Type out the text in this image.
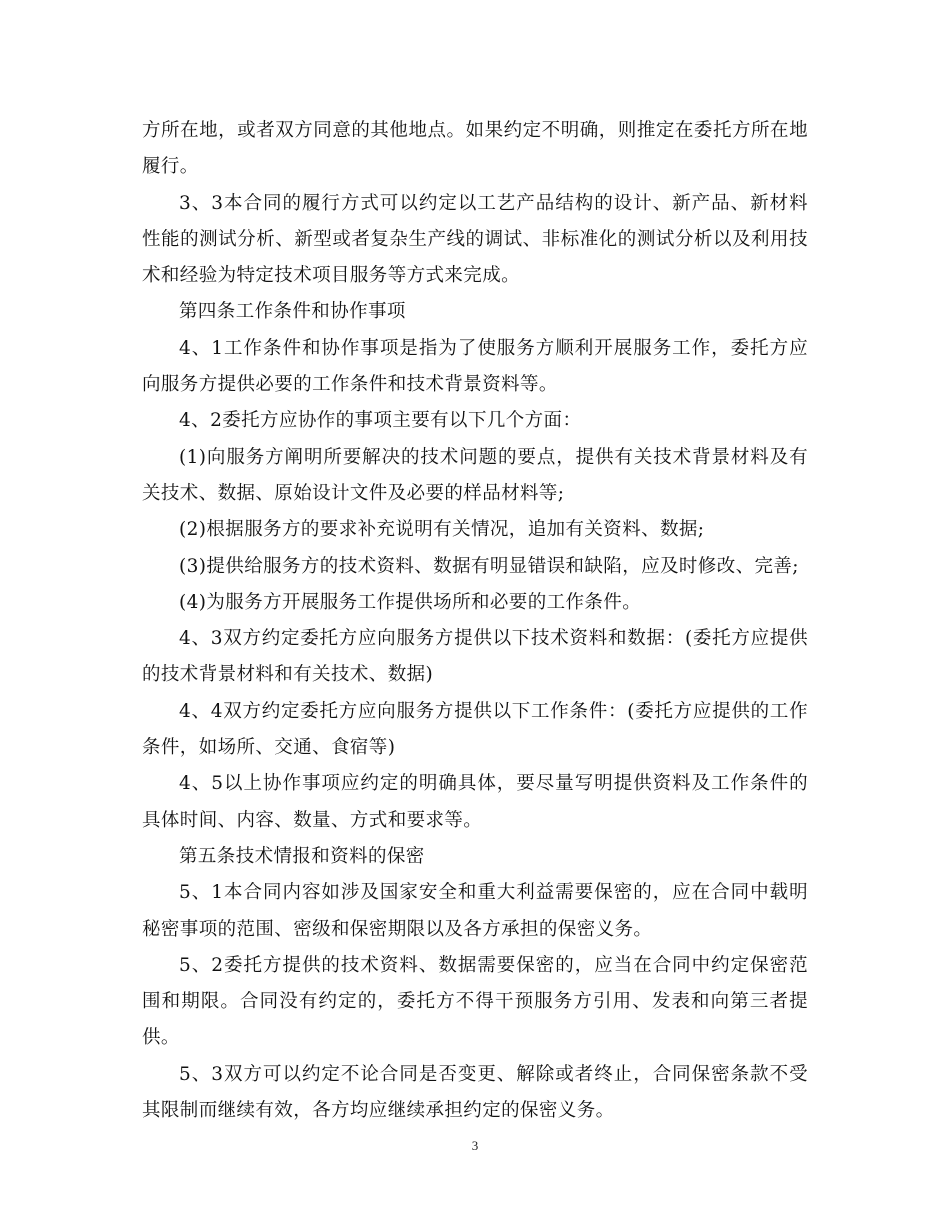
方所在地，或者双方同意的其他地点。如果约定不明确，则推定在委托方所在地履行。

3、3本合同的履行方式可以约定以工艺产品结构的设计、新产品、新材料性能的测试分析、新型或者复杂生产线的调试、非标准化的测试分析以及利用技术和经验为特定技术项目服务等方式来完成。

第四条工作条件和协作事项

4、1工作条件和协作事项是指为了使服务方顺利开展服务工作，委托方应向服务方提供必要的工作条件和技术背景资料等。

4、2委托方应协作的事项主要有以下几个方面：

(1)向服务方阐明所要解决的技术问题的要点，提供有关技术背景材料及有关技术、数据、原始设计文件及必要的样品材料等;

(2)根据服务方的要求补充说明有关情况，追加有关资料、数据;

(3)提供给服务方的技术资料、数据有明显错误和缺陷，应及时修改、完善;

(4)为服务方开展服务工作提供场所和必要的工作条件。

4、3双方约定委托方应向服务方提供以下技术资料和数据：(委托方应提供的技术背景材料和有关技术、数据)

4、4双方约定委托方应向服务方提供以下工作条件：(委托方应提供的工作条件，如场所、交通、食宿等)

4、5以上协作事项应约定的明确具体，要尽量写明提供资料及工作条件的具体时间、内容、数量、方式和要求等。

第五条技术情报和资料的保密

5、1本合同内容如涉及国家安全和重大利益需要保密的，应在合同中载明秘密事项的范围、密级和保密期限以及各方承担的保密义务。

5、2委托方提供的技术资料、数据需要保密的，应当在合同中约定保密范围和期限。合同没有约定的，委托方不得干预服务方引用、发表和向第三者提供。

5、3双方可以约定不论合同是否变更、解除或者终止，合同保密条款不受其限制而继续有效，各方均应继续承担约定的保密义务。

3
